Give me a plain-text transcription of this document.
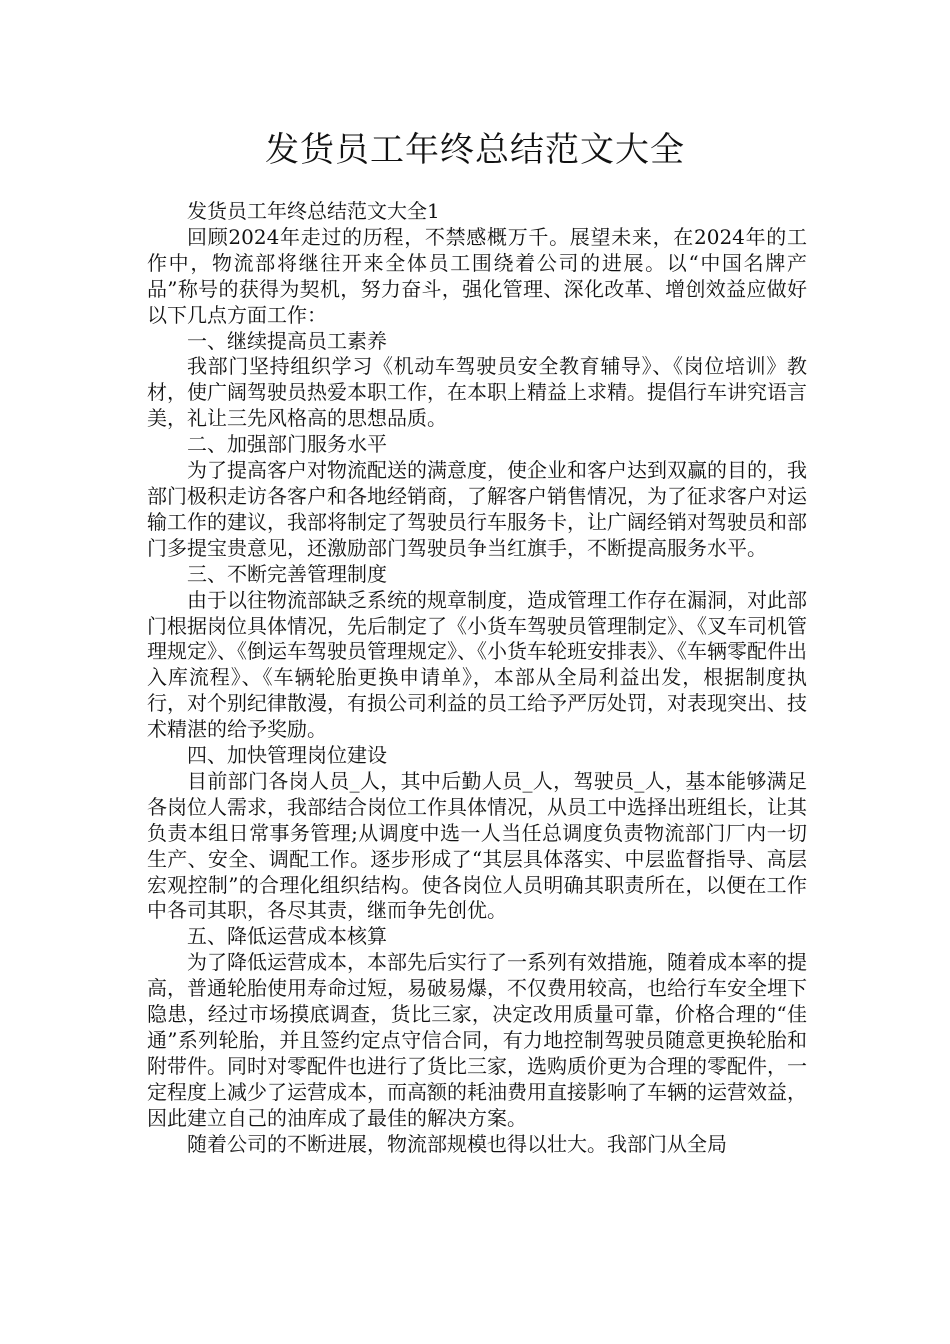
发货员工年终总结范文大全

发货员工年终总结范文大全1

回顾2024年走过的历程，不禁感概万千。展望未来，在2024年的工作中，物流部将继往开来全体员工围绕着公司的进展。以“中国名牌产品”称号的获得为契机，努力奋斗，强化管理、深化改革、增创效益应做好以下几点方面工作：

一、继续提高员工素养

我部门坚持组织学习《机动车驾驶员安全教育辅导》、《岗位培训》教材，使广阔驾驶员热爱本职工作，在本职上精益上求精。提倡行车讲究语言美，礼让三先风格高的思想品质。

二、加强部门服务水平

为了提高客户对物流配送的满意度，使企业和客户达到双赢的目的，我部门极积走访各客户和各地经销商，了解客户销售情况，为了征求客户对运输工作的建议，我部将制定了驾驶员行车服务卡，让广阔经销对驾驶员和部门多提宝贵意见，还激励部门驾驶员争当红旗手，不断提高服务水平。

三、不断完善管理制度

由于以往物流部缺乏系统的规章制度，造成管理工作存在漏洞，对此部门根据岗位具体情况，先后制定了《小货车驾驶员管理制定》、《叉车司机管理规定》、《倒运车驾驶员管理规定》、《小货车轮班安排表》、《车辆零配件出入库流程》、《车辆轮胎更换申请单》，本部从全局利益出发，根据制度执行，对个别纪律散漫，有损公司利益的员工给予严厉处罚，对表现突出、技术精湛的给予奖励。

四、加快管理岗位建设

目前部门各岗人员_人，其中后勤人员_人，驾驶员_人，基本能够满足各岗位人需求，我部结合岗位工作具体情况，从员工中选择出班组长，让其负责本组日常事务管理;从调度中选一人当任总调度负责物流部门厂内一切生产、安全、调配工作。逐步形成了“其层具体落实、中层监督指导、高层宏观控制”的合理化组织结构。使各岗位人员明确其职责所在，以便在工作中各司其职，各尽其责，继而争先创优。

五、降低运营成本核算

为了降低运营成本，本部先后实行了一系列有效措施，随着成本率的提高，普通轮胎使用寿命过短，易破易爆，不仅费用较高，也给行车安全埋下隐患，经过市场摸底调查，货比三家，决定改用质量可靠，价格合理的“佳通”系列轮胎，并且签约定点守信合同，有力地控制驾驶员随意更换轮胎和附带件。同时对零配件也进行了货比三家，选购质价更为合理的零配件，一定程度上减少了运营成本，而高额的耗油费用直接影响了车辆的运营效益，因此建立自己的油库成了最佳的解决方案。

随着公司的不断进展，物流部规模也得以壮大。我部门从全局
